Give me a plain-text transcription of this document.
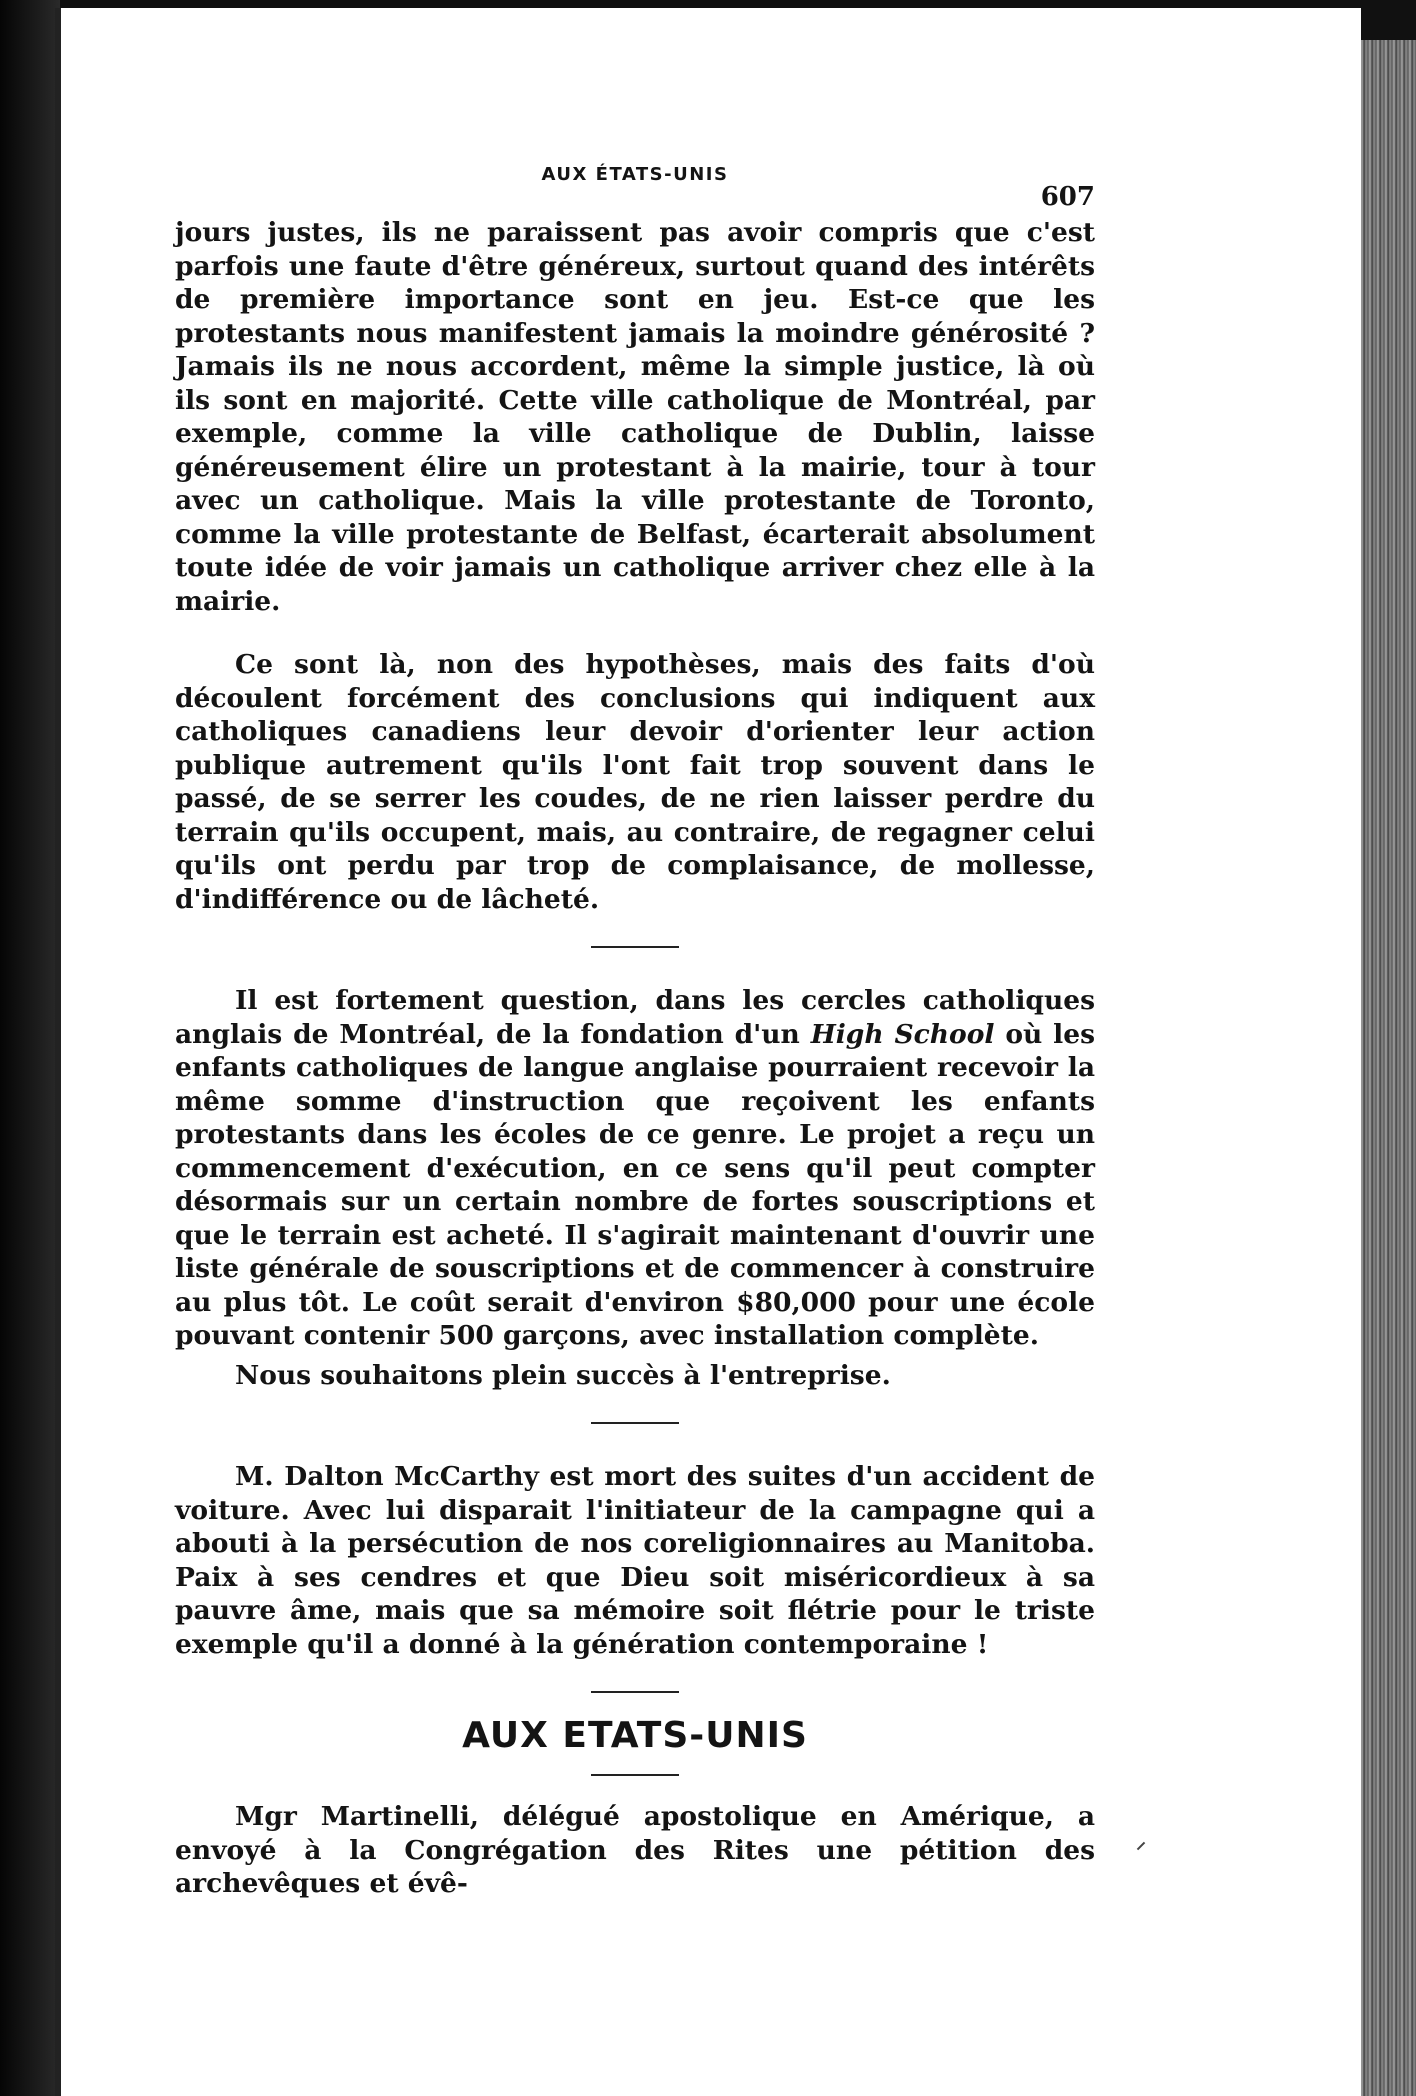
AUX ÉTATS-UNIS
607

jours justes, ils ne paraissent pas avoir compris que c'est parfois une faute d'être généreux, surtout quand des intérêts de première importance sont en jeu. Est-ce que les protestants nous manifestent jamais la moindre générosité ? Jamais ils ne nous accordent, même la simple justice, là où ils sont en majorité. Cette ville catholique de Montréal, par exemple, comme la ville catholique de Dublin, laisse généreusement élire un protestant à la mairie, tour à tour avec un catholique. Mais la ville protestante de Toronto, comme la ville protestante de Belfast, écarterait absolument toute idée de voir jamais un catholique arriver chez elle à la mairie.

Ce sont là, non des hypothèses, mais des faits d'où découlent forcément des conclusions qui indiquent aux catholiques canadiens leur devoir d'orienter leur action publique autrement qu'ils l'ont fait trop souvent dans le passé, de se serrer les coudes, de ne rien laisser perdre du terrain qu'ils occupent, mais, au contraire, de regagner celui qu'ils ont perdu par trop de complaisance, de mollesse, d'indifférence ou de lâcheté.

Il est fortement question, dans les cercles catholiques anglais de Montréal, de la fondation d'un High School où les enfants catholiques de langue anglaise pourraient recevoir la même somme d'instruction que reçoivent les enfants protestants dans les écoles de ce genre. Le projet a reçu un commencement d'exécution, en ce sens qu'il peut compter désormais sur un certain nombre de fortes souscriptions et que le terrain est acheté. Il s'agirait maintenant d'ouvrir une liste générale de souscriptions et de commencer à construire au plus tôt. Le coût serait d'environ $80,000 pour une école pouvant contenir 500 garçons, avec installation complète.

Nous souhaitons plein succès à l'entreprise.

M. Dalton McCarthy est mort des suites d'un accident de voiture. Avec lui disparait l'initiateur de la campagne qui a abouti à la persécution de nos coreligionnaires au Manitoba. Paix à ses cendres et que Dieu soit miséricordieux à sa pauvre âme, mais que sa mémoire soit flétrie pour le triste exemple qu'il a donné à la génération contemporaine !

AUX ETATS-UNIS

Mgr Martinelli, délégué apostolique en Amérique, a envoyé à la Congrégation des Rites une pétition des archevêques et évê-
